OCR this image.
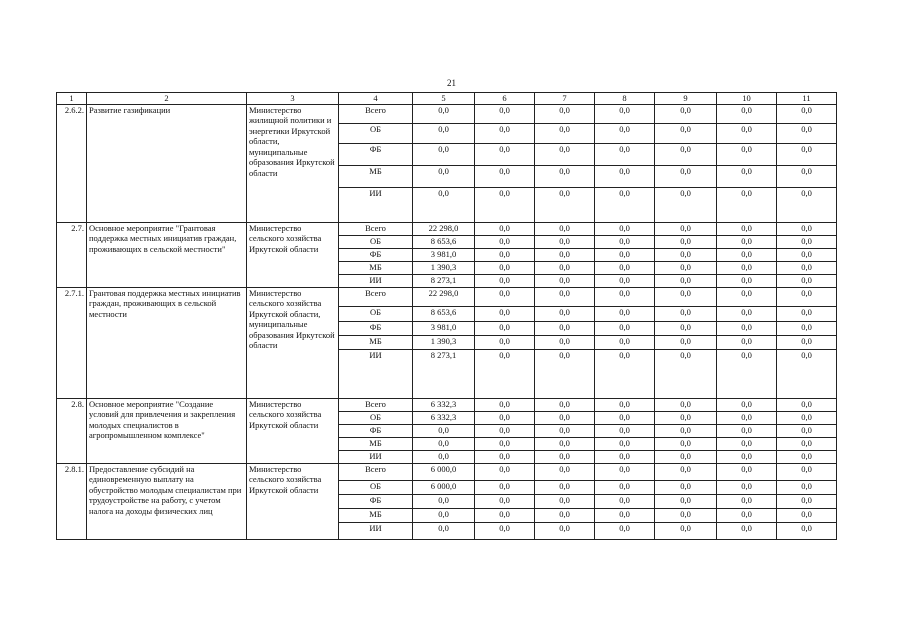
21
1	2	3	4	5	6	7	8	9	10	11
2.6.2.	Развитие газификации	Министерство жилищной политики и энергетики Иркутской области, муниципальные образования Иркутской области	Всего	0,0	0,0	0,0	0,0	0,0	0,0	0,0
			ОБ	0,0	0,0	0,0	0,0	0,0	0,0	0,0
			ФБ	0,0	0,0	0,0	0,0	0,0	0,0	0,0
			МБ	0,0	0,0	0,0	0,0	0,0	0,0	0,0
			ИИ	0,0	0,0	0,0	0,0	0,0	0,0	0,0
2.7.	Основное мероприятие "Грантовая поддержка местных инициатив граждан, проживающих в сельской местности"	Министерство сельского хозяйства Иркутской области	Всего	22 298,0	0,0	0,0	0,0	0,0	0,0	0,0
			ОБ	8 653,6	0,0	0,0	0,0	0,0	0,0	0,0
			ФБ	3 981,0	0,0	0,0	0,0	0,0	0,0	0,0
			МБ	1 390,3	0,0	0,0	0,0	0,0	0,0	0,0
			ИИ	8 273,1	0,0	0,0	0,0	0,0	0,0	0,0
2.7.1.	Грантовая поддержка местных инициатив граждан, проживающих в сельской местности	Министерство сельского хозяйства Иркутской области, муниципальные образования Иркутской области	Всего	22 298,0	0,0	0,0	0,0	0,0	0,0	0,0
			ОБ	8 653,6	0,0	0,0	0,0	0,0	0,0	0,0
			ФБ	3 981,0	0,0	0,0	0,0	0,0	0,0	0,0
			МБ	1 390,3	0,0	0,0	0,0	0,0	0,0	0,0
			ИИ	8 273,1	0,0	0,0	0,0	0,0	0,0	0,0
2.8.	Основное мероприятие "Создание условий для привлечения и закрепления молодых специалистов в агропромышленном комплексе"	Министерство сельского хозяйства Иркутской области	Всего	6 332,3	0,0	0,0	0,0	0,0	0,0	0,0
			ОБ	6 332,3	0,0	0,0	0,0	0,0	0,0	0,0
			ФБ	0,0	0,0	0,0	0,0	0,0	0,0	0,0
			МБ	0,0	0,0	0,0	0,0	0,0	0,0	0,0
			ИИ	0,0	0,0	0,0	0,0	0,0	0,0	0,0
2.8.1.	Предоставление субсидий на единовременную выплату на обустройство молодым специалистам при трудоустройстве на работу, с учетом налога на доходы физических лиц	Министерство сельского хозяйства Иркутской области	Всего	6 000,0	0,0	0,0	0,0	0,0	0,0	0,0
			ОБ	6 000,0	0,0	0,0	0,0	0,0	0,0	0,0
			ФБ	0,0	0,0	0,0	0,0	0,0	0,0	0,0
			МБ	0,0	0,0	0,0	0,0	0,0	0,0	0,0
			ИИ	0,0	0,0	0,0	0,0	0,0	0,0	0,0
